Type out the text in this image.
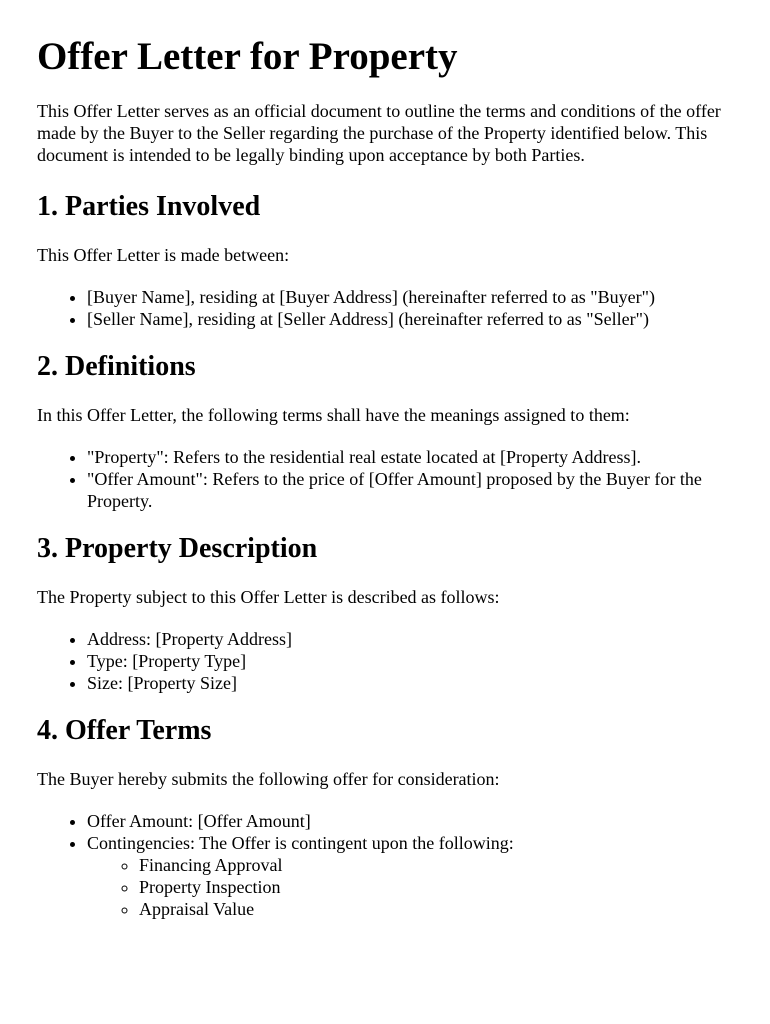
Offer Letter for Property

This Offer Letter serves as an official document to outline the terms and conditions of the offer made by the Buyer to the Seller regarding the purchase of the Property identified below. This document is intended to be legally binding upon acceptance by both Parties.

1. Parties Involved

This Offer Letter is made between:

• [Buyer Name], residing at [Buyer Address] (hereinafter referred to as "Buyer")
• [Seller Name], residing at [Seller Address] (hereinafter referred to as "Seller")
2. Definitions

In this Offer Letter, the following terms shall have the meanings assigned to them:

• "Property": Refers to the residential real estate located at [Property Address].
• "Offer Amount": Refers to the price of [Offer Amount] proposed by the Buyer for the Property.
3. Property Description

The Property subject to this Offer Letter is described as follows:

• Address: [Property Address]
• Type: [Property Type]
• Size: [Property Size]
4. Offer Terms

The Buyer hereby submits the following offer for consideration:

• Offer Amount: [Offer Amount]
• Contingencies: The Offer is contingent upon the following:
◦ Financing Approval
◦ Property Inspection
◦ Appraisal Value
